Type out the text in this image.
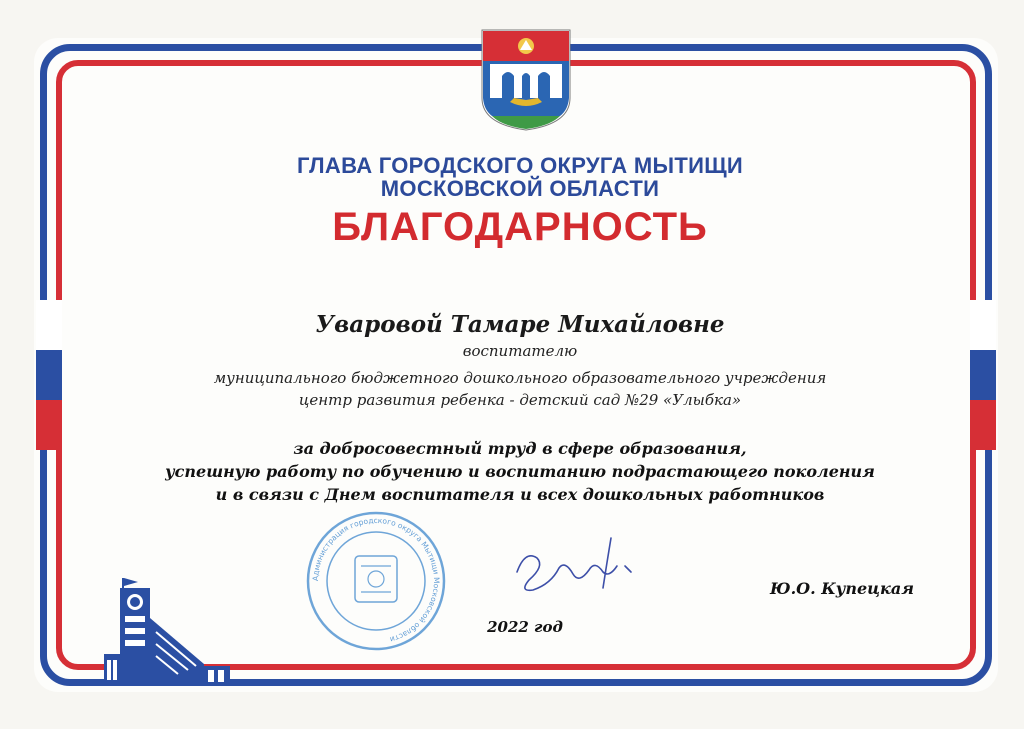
ГЛАВА ГОРОДСКОГО ОКРУГА МЫТИЩИ

МОСКОВСКОЙ ОБЛАСТИ

БЛАГОДАРНОСТЬ

Уваровой Тамаре Михайловне

воспитателю

муниципального бюджетного дошкольного образовательного учреждения

центр развития ребенка - детский сад №29 «Улыбка»

за добросовестный труд в сфере образования,

успешную работу по обучению и воспитанию подрастающего поколения

и в связи с Днем воспитателя и всех дошкольных работников

Администрация городского округа Мытищи Московской области

Ю.О. Купецкая

2022 год
